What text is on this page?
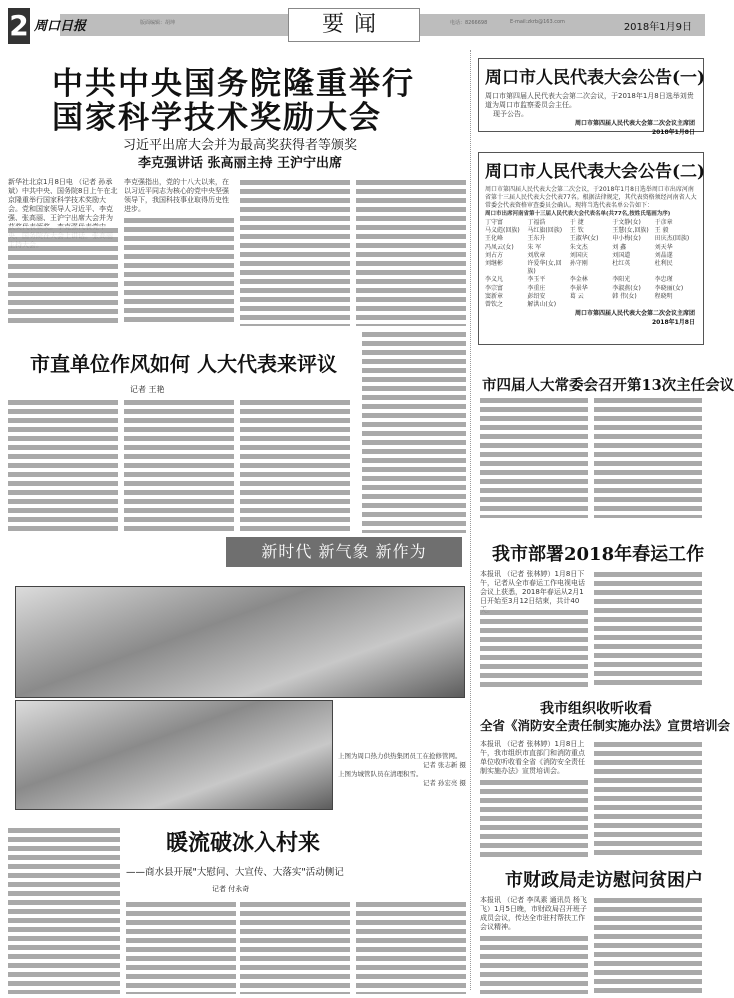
2 周口日报	版面编辑：胡坤	电话：8266698	E-mail:zkrb@163.com
要闻	2018年1月9日
中共中央国务院隆重举行
国家科学技术奖励大会
习近平出席大会并为最高奖获得者等颁奖
李克强讲话 张高丽主持 王沪宁出席
新华社北京1月8日电 （记者 孙承斌）中共中央、国务院8日上午在北京隆重举行国家科学技术奖励大会。党和国家领导人习近平、李克强、张高丽、王沪宁出席大会并为
李克强指出，党的十八大以来，在以习近平同志为核心的党中央坚强领导下，我国科技事业取得历史性进步。
周口市人民代表大会公告(一)
周口市第四届人民代表大会第二次会议，于2018年1月8日选举刘贵道为周口市监察委员会主任。
现予公告。
周口市第四届人民代表大会第二次会议主席团
2018年1月8日
周口市人民代表大会公告(二)
周口市第四届人民代表大会第二次会议，于2018年1月8日选举周口市出席河南省第十三届人民代表大会代表77名。根据法律规定，其代表资格须经河南省人大常委会代表资格审查委员会确认。现将当选代表名单公告如下：
周口市出席河南省第十三届人民代表大会代表名单(共77名,按姓氏笔画为序)
丁守富	丁福浩	于 捷	于文静(女)	于彦章
马义彪(回族)	马红旗(回族)	王 钦	王慧(女,回族) 王 毅
王化峰	王东升	王淑华(女)	申小梅(女)	田庆杰(回族)
冯凤云(女)	朱 军	朱文杰	刘 鑫	刘天华
刘占方	刘欣章	刘国庆	刘国道	刘晶遂
刘继彬	许爱华(女,回族)
孙守刚	杜红英	杜利民
李义凡	李玉平	李金林	李阳光	李忠瑾
李宗富	李重庄	李景华	李淑燕(女)	李晓丽(女)
窦新章	彭绍安	葛 云	韩 伟(女)	程晓明
曾钦之	解洪山(女)
周口市第四届人民代表大会第二次会议主席团
2018年1月8日
市直单位作风如何 人大代表来评议
记者 王艳	市四届人大常委会召开第13次主任会议
新时代 新气象 新作为
上图为周口热力供热集团员工在抢修管网。
记者 张志新 摄
上图为城管队员在清理积雪。
记者 孙宏亮 摄
我市部署2018年春运工作
本报讯 （记者 张林婷）1月8日下午，记者从全市春运工作电视电话会议上获悉，2018年春运从2月1日开始至3月12日结束，共计40
我市组织收听收看
全省《消防安全责任制实施办法》宣贯培训会
本报讯 （记者 张林婷）1月8日上午，我市组织市直部门和消防重点单位收听收看全省《消防安全责任制实施办法》宣贯培训会。
暖流破冰入村来
——商水县开展"大慰问、大宣传、大落实"活动侧记
记者 付永奇	市财政局走访慰问贫困户
本报讯 （记者 李凤素 通讯员 杨飞飞）1月5日晚，市财政局召开班子成员会议，传达全市驻村帮扶工作会议精神。
